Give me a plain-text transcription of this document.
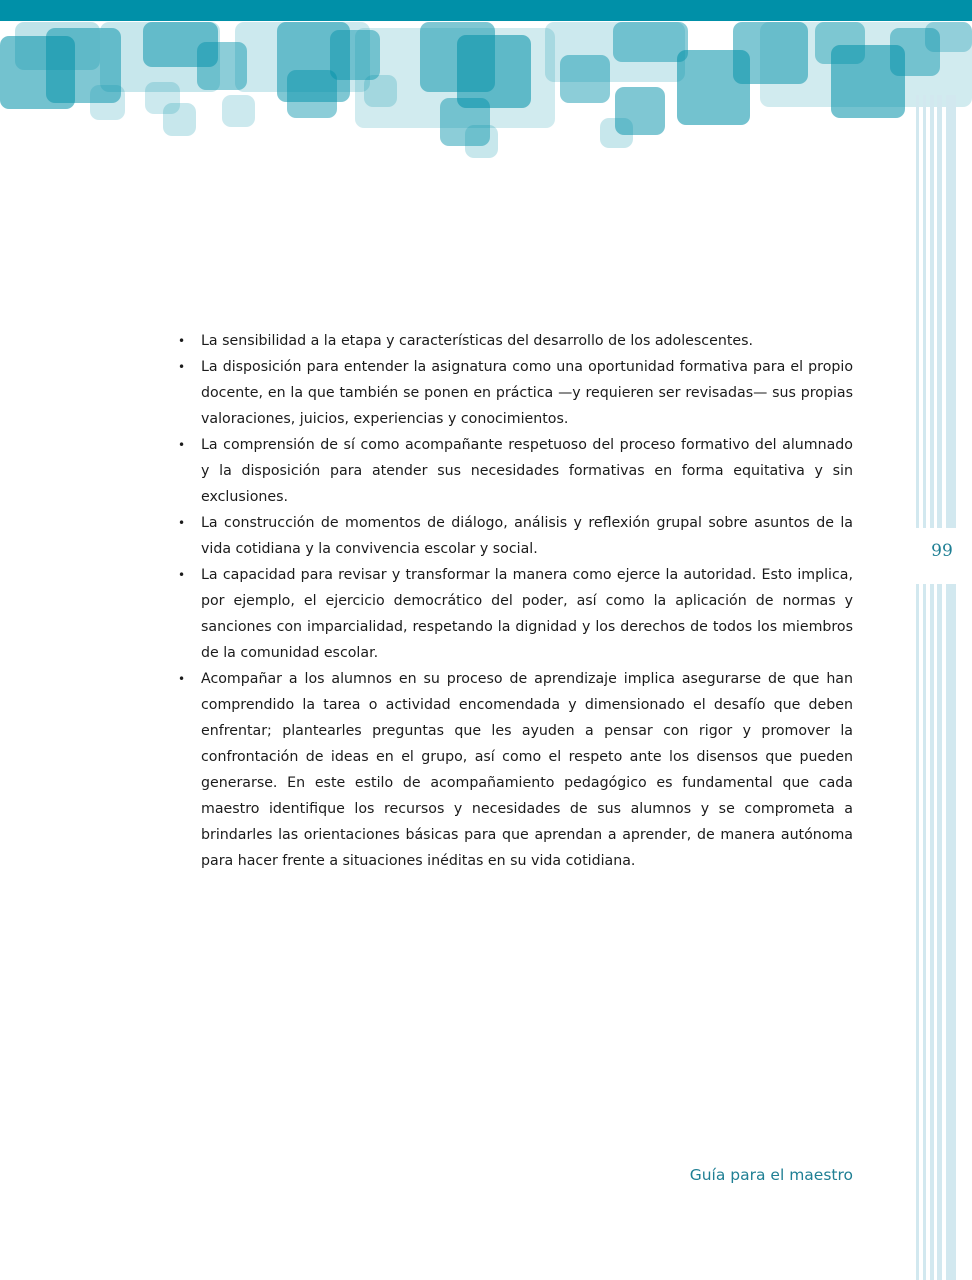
99
• La sensibilidad a la etapa y características del desarrollo de los adolescentes.
• La disposición para entender la asignatura como una oportunidad formativa para el propio docente, en la que también se ponen en práctica —y requieren ser revisadas— sus propias valoraciones, juicios, experiencias y conocimientos.
• La comprensión de sí como acompañante respetuoso del proceso formativo del alumnado y la disposición para atender sus necesidades formativas en forma equitativa y sin exclusiones.
• La construcción de momentos de diálogo, análisis y reflexión grupal sobre asuntos de la vida cotidiana y la convivencia escolar y social.
• La capacidad para revisar y transformar la manera como ejerce la autoridad. Esto implica, por ejemplo, el ejercicio democrático del poder, así como la aplicación de normas y sanciones con imparcialidad, respetando la dignidad y los derechos de todos los miembros de la comunidad escolar.
• Acompañar a los alumnos en su proceso de aprendizaje implica asegurarse de que han comprendido la tarea o actividad encomendada y dimensionado el desafío que deben enfrentar; plantearles preguntas que les ayuden a pensar con rigor y promover la confrontación de ideas en el grupo, así como el respeto ante los disensos que pueden generarse. En este estilo de acompañamiento pedagógico es fundamental que cada maestro identifique los recursos y necesidades de sus alumnos y se comprometa a brindarles las orientaciones básicas para que aprendan a aprender, de manera autónoma para hacer frente a situaciones inéditas en su vida cotidiana.
Guía para el maestro
